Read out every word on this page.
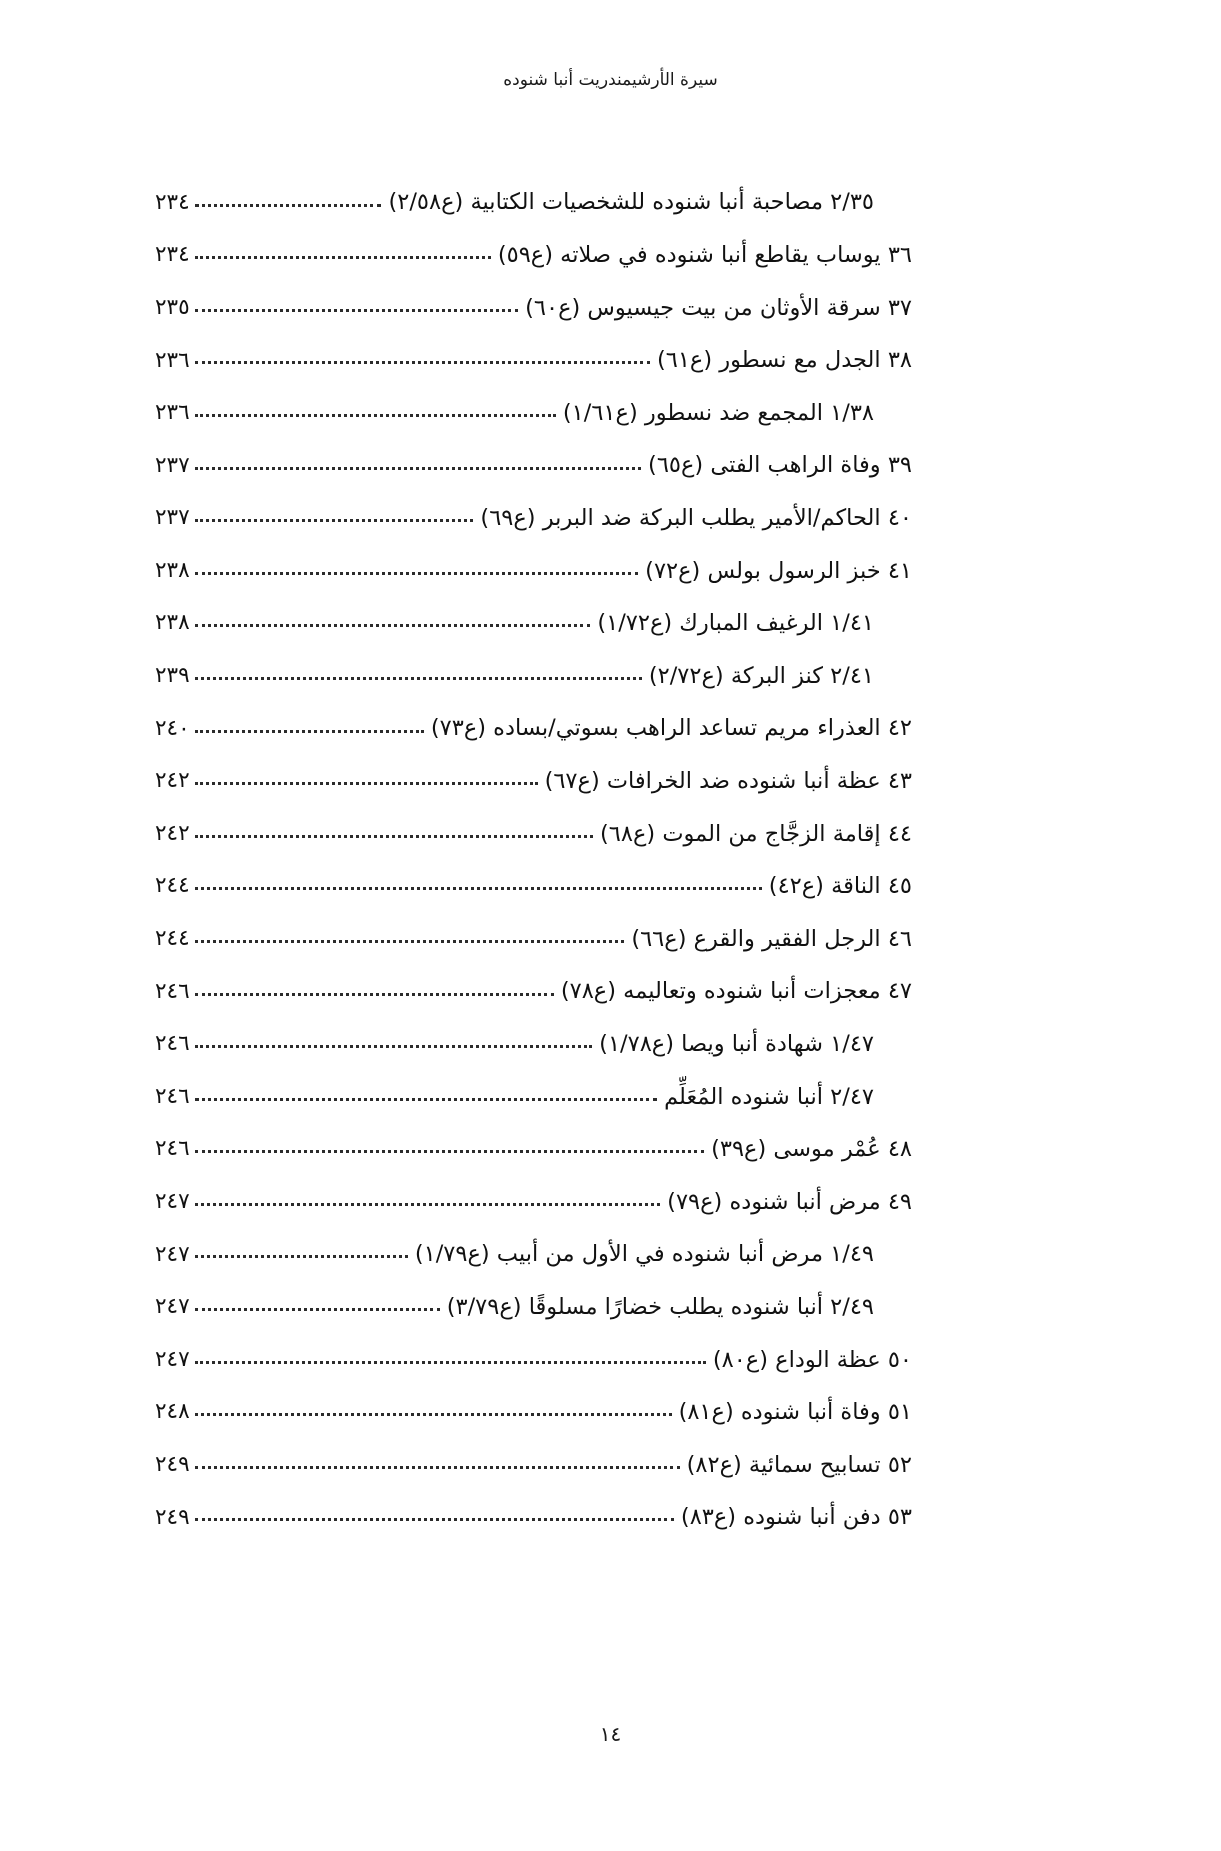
سيرة الأرشيمندريت أنبا شنوده
٢/٣٥ مصاحبة أنبا شنوده للشخصيات الكتابية (ع٢/٥٨)
٢٣٤
٣٦ يوساب يقاطع أنبا شنوده في صلاته (ع٥٩)
٢٣٤
٣٧ سرقة الأوثان من بيت جيسيوس (ع٦٠)
٢٣٥
٣٨ الجدل مع نسطور (ع٦١)
٢٣٦
١/٣٨ المجمع ضد نسطور (ع١/٦١)
٢٣٦
٣٩ وفاة الراهب الفتى (ع٦٥)
٢٣٧
٤٠ الحاكم/الأمير يطلب البركة ضد البربر (ع٦٩)
٢٣٧
٤١ خبز الرسول بولس (ع٧٢)
٢٣٨
١/٤١ الرغيف المبارك (ع١/٧٢)
٢٣٨
٢/٤١ كنز البركة (ع٢/٧٢)
٢٣٩
٤٢ العذراء مريم تساعد الراهب بسوتي/بساده (ع٧٣)
٢٤٠
٤٣ عظة أنبا شنوده ضد الخرافات (ع٦٧)
٢٤٢
٤٤ إقامة الزجَّاج من الموت (ع٦٨)
٢٤٢
٤٥ الناقة (ع٤٢)
٢٤٤
٤٦ الرجل الفقير والقرع (ع٦٦)
٢٤٤
٤٧ معجزات أنبا شنوده وتعاليمه (ع٧٨)
٢٤٦
١/٤٧ شهادة أنبا ويصا (ع١/٧٨)
٢٤٦
٢/٤٧ أنبا شنوده المُعَلِّم
٢٤٦
٤٨ عُمْر موسى (ع٣٩)
٢٤٦
٤٩ مرض أنبا شنوده (ع٧٩)
٢٤٧
١/٤٩ مرض أنبا شنوده في الأول من أبيب (ع١/٧٩)
٢٤٧
٢/٤٩ أنبا شنوده يطلب خضارًا مسلوقًا (ع٣/٧٩)
٢٤٧
٥٠ عظة الوداع (ع٨٠)
٢٤٧
٥١ وفاة أنبا شنوده (ع٨١)
٢٤٨
٥٢ تسابيح سمائية (ع٨٢)
٢٤٩
٥٣ دفن أنبا شنوده (ع٨٣)
٢٤٩
١٤
